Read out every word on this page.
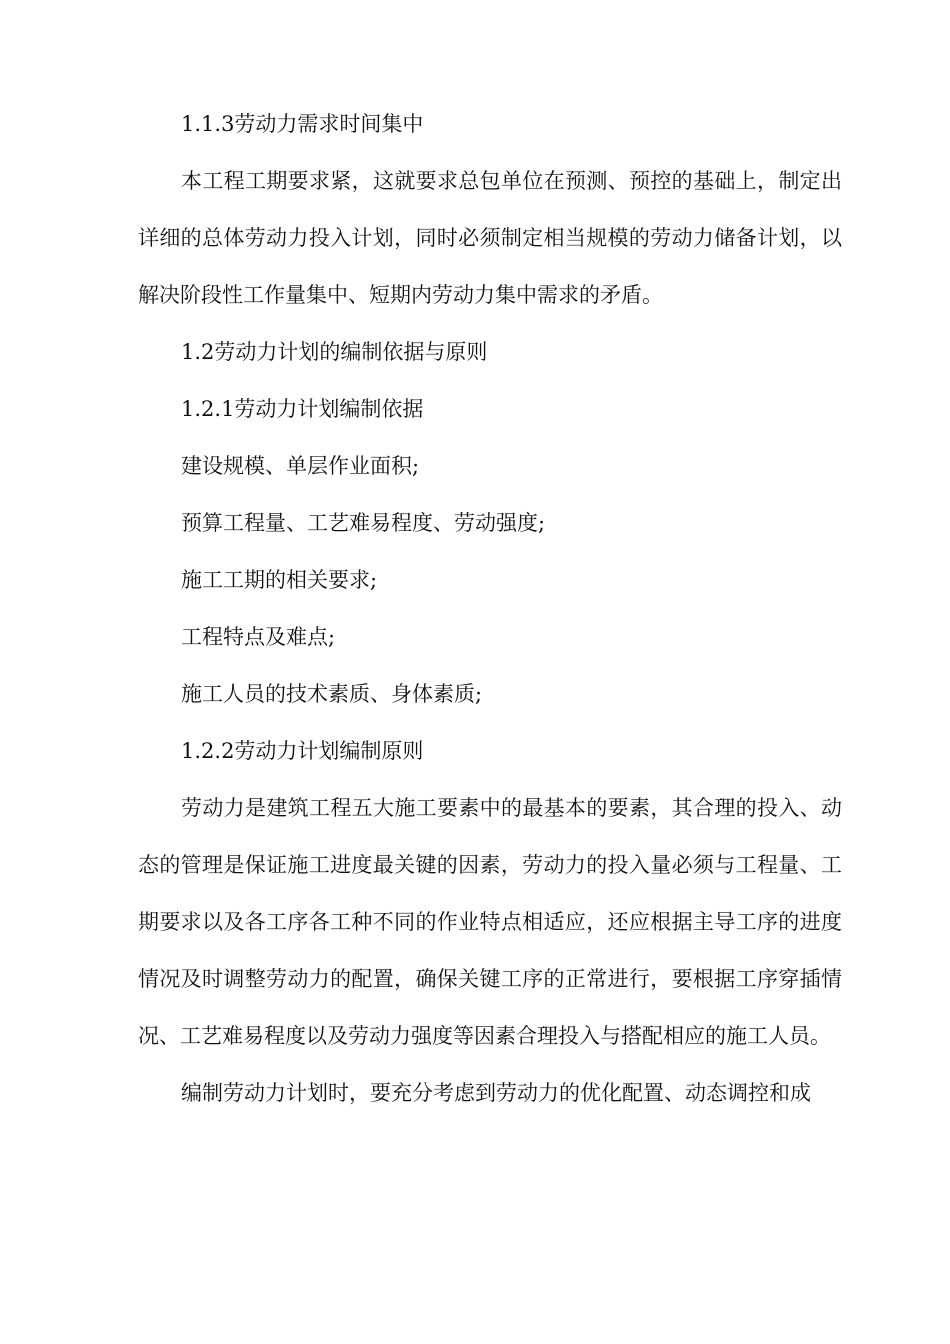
1.1.3劳动力需求时间集中

本工程工期要求紧，这就要求总包单位在预测、预控的基础上，制定出详细的总体劳动力投入计划，同时必须制定相当规模的劳动力储备计划，以解决阶段性工作量集中、短期内劳动力集中需求的矛盾。

1.2劳动力计划的编制依据与原则

1.2.1劳动力计划编制依据

建设规模、单层作业面积;

预算工程量、工艺难易程度、劳动强度;

施工工期的相关要求;

工程特点及难点;

施工人员的技术素质、身体素质;

1.2.2劳动力计划编制原则

劳动力是建筑工程五大施工要素中的最基本的要素，其合理的投入、动态的管理是保证施工进度最关键的因素，劳动力的投入量必须与工程量、工期要求以及各工序各工种不同的作业特点相适应，还应根据主导工序的进度情况及时调整劳动力的配置，确保关键工序的正常进行，要根据工序穿插情况、工艺难易程度以及劳动力强度等因素合理投入与搭配相应的施工人员。

编制劳动力计划时，要充分考虑到劳动力的优化配置、动态调控和成
